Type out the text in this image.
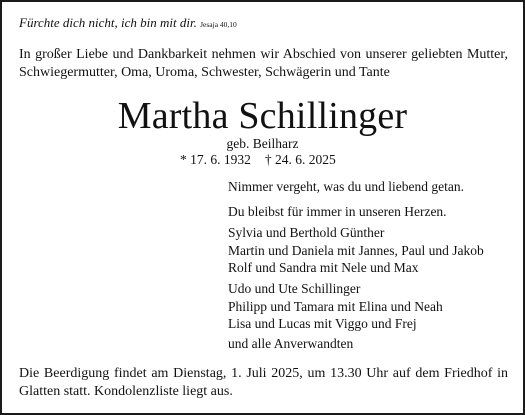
Fürchte dich nicht, ich bin mit dir. Jesaja 40,10
In großer Liebe und Dankbarkeit nehmen wir Abschied von unserer geliebten Mutter, Schwiegermutter, Oma, Uroma, Schwester, Schwägerin und Tante
Martha Schillinger
geb. Beilharz
* 17. 6. 1932 † 24. 6. 2025
Nimmer vergeht, was du und liebend getan.
Du bleibst für immer in unseren Herzen.
Sylvia und Berthold Günther
Martin und Daniela mit Jannes, Paul und Jakob
Rolf und Sandra mit Nele und Max
Udo und Ute Schillinger
Philipp und Tamara mit Elina und Neah
Lisa und Lucas mit Viggo und Frej
und alle Anverwandten
Die Beerdigung findet am Dienstag, 1. Juli 2025, um 13.30 Uhr auf dem Friedhof in Glatten statt. Kondolenzliste liegt aus.
